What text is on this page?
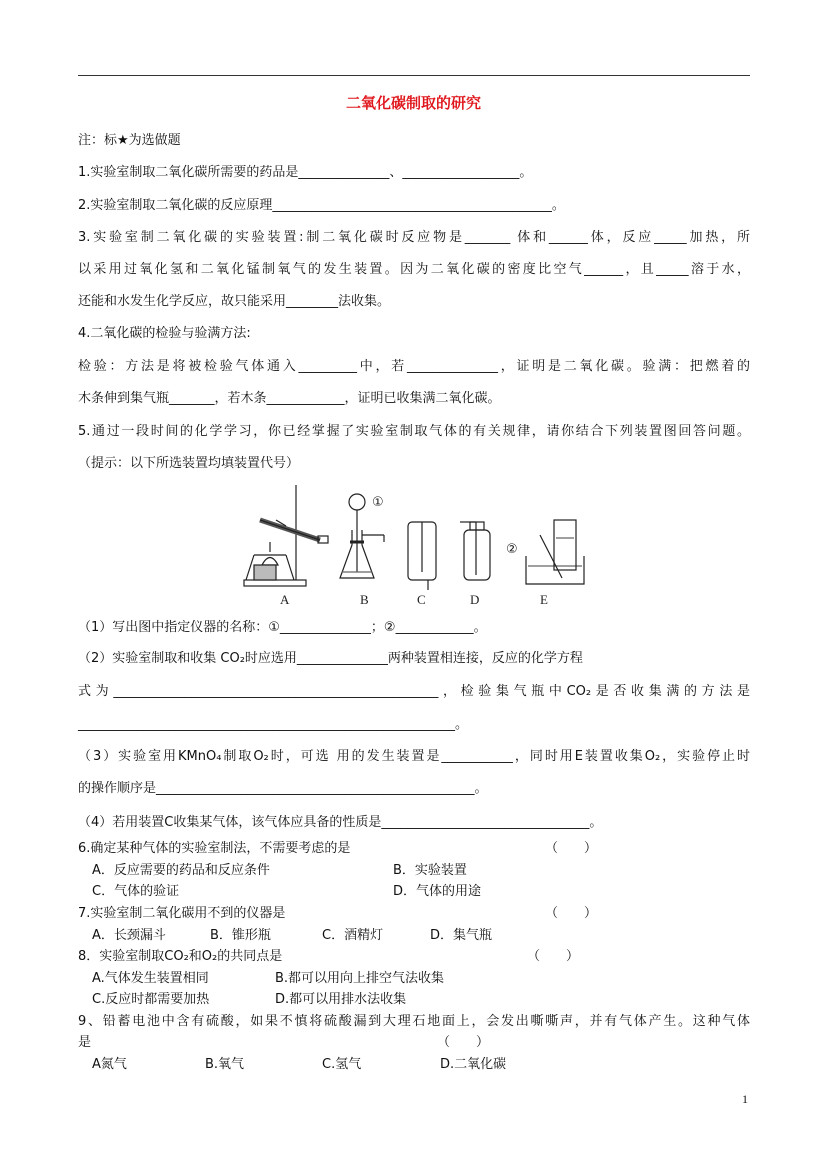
二氧化碳制取的研究
注：标★为选做题
1.实验室制取二氧化碳所需要的药品是______________、__________________。
2.实验室制取二氧化碳的反应原理___________________________________________。
3.实验室制二氧化碳的实验装置:制二氧化碳时反应物是_______ 体和______体，反应_____加热，所
以采用过氧化氢和二氧化锰制氧气的发生装置。因为二氧化碳的密度比空气______，且_____溶于水，
还能和水发生化学反应，故只能采用________法收集。
4.二氧化碳的检验与验满方法:
检验：方法是将被检验气体通入_________中，若______________，证明是二氧化碳。验满：把燃着的
木条伸到集气瓶_______，若木条____________，证明已收集满二氧化碳。
5.通过一段时间的化学学习，你已经掌握了实验室制取气体的有关规律，请你结合下列装置图回答问题。
（提示：以下所选装置均填装置代号）
①
②
A	B	C	D	E
（1）写出图中指定仪器的名称：①______________；②____________。
（2）实验室制取和收集 CO₂时应选用______________两种装置相连接，反应的化学方程
式为__________________________________________________，检验集气瓶中CO₂是否收集满的方法是
__________________________________________________________。
（3）实验室用KMnO₄制取O₂时，可选 用的发生装置是___________，同时用E装置收集O₂，实验停止时
的操作顺序是_________________________________________________。
（4）若用装置C收集某气体，该气体应具备的性质是________________________________。
6.确定某种气体的实验室制法，不需要考虑的是	（　　）
A．反应需要的药品和反应条件	B．实验装置
C．气体的验证	D．气体的用途
7.实验室制二氧化碳用不到的仪器是	（　　）
A．长颈漏斗	B．锥形瓶	C．酒精灯	D．集气瓶
8．实验室制取CO₂和O₂的共同点是	（　　）
A.气体发生装置相同	B.都可以用向上排空气法收集
C.反应时都需要加热	D.都可以用排水法收集
9、铅蓄电池中含有硫酸，如果不慎将硫酸漏到大理石地面上，会发出嘶嘶声，并有气体产生。这种气体
是	（　　）
A氮气	B.氧气	C.氢气	D.二氧化碳
1
